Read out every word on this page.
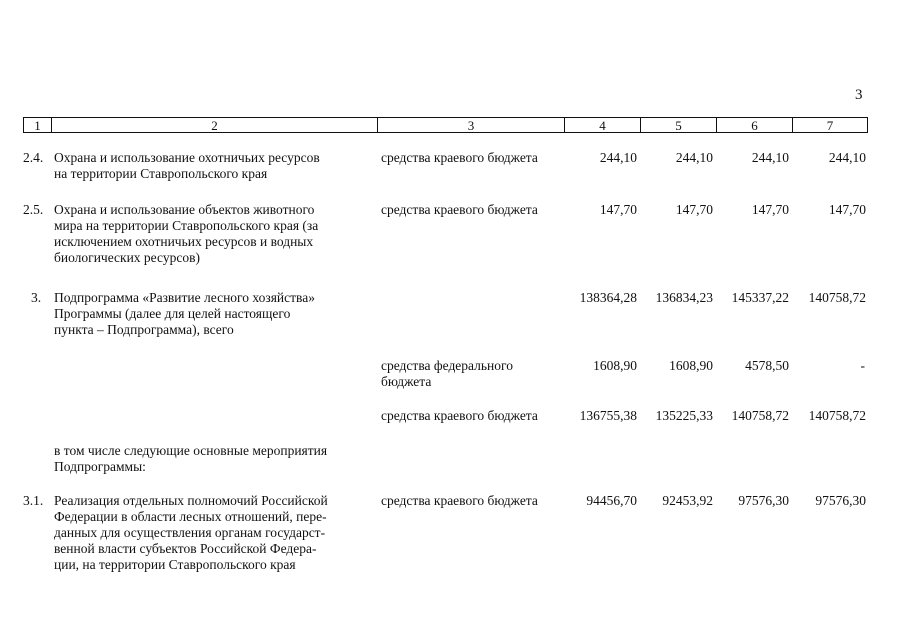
3
1	2	3	4	5	6	7
2.4. Охрана и использование охотничьих ресурсов
на территории Ставропольского края
средства краевого бюджета	244,10	244,10	244,10	244,10
2.5. Охрана и использование объектов животного
мира на территории Ставропольского края (за
исключением охотничьих ресурсов и водных
биологических ресурсов)
средства краевого бюджета	147,70	147,70	147,70	147,70
3. Подпрограмма «Развитие лесного хозяйства»
Программы (далее для целей настоящего
пункта – Подпрограмма), всего
138364,28 136834,23 145337,22 140758,72
средства федерального
бюджета
1608,90 1608,90 4578,50	-
средства краевого бюджета	136755,38 135225,33 140758,72 140758,72
в том числе следующие основные мероприятия
Подпрограммы:
3.1. Реализация отдельных полномочий Российской
Федерации в области лесных отношений, пере-
данных для осуществления органам государст-
венной власти субъектов Российской Федера-
ции, на территории Ставропольского края
средства краевого бюджета	94456,70 92453,92 97576,30 97576,30
